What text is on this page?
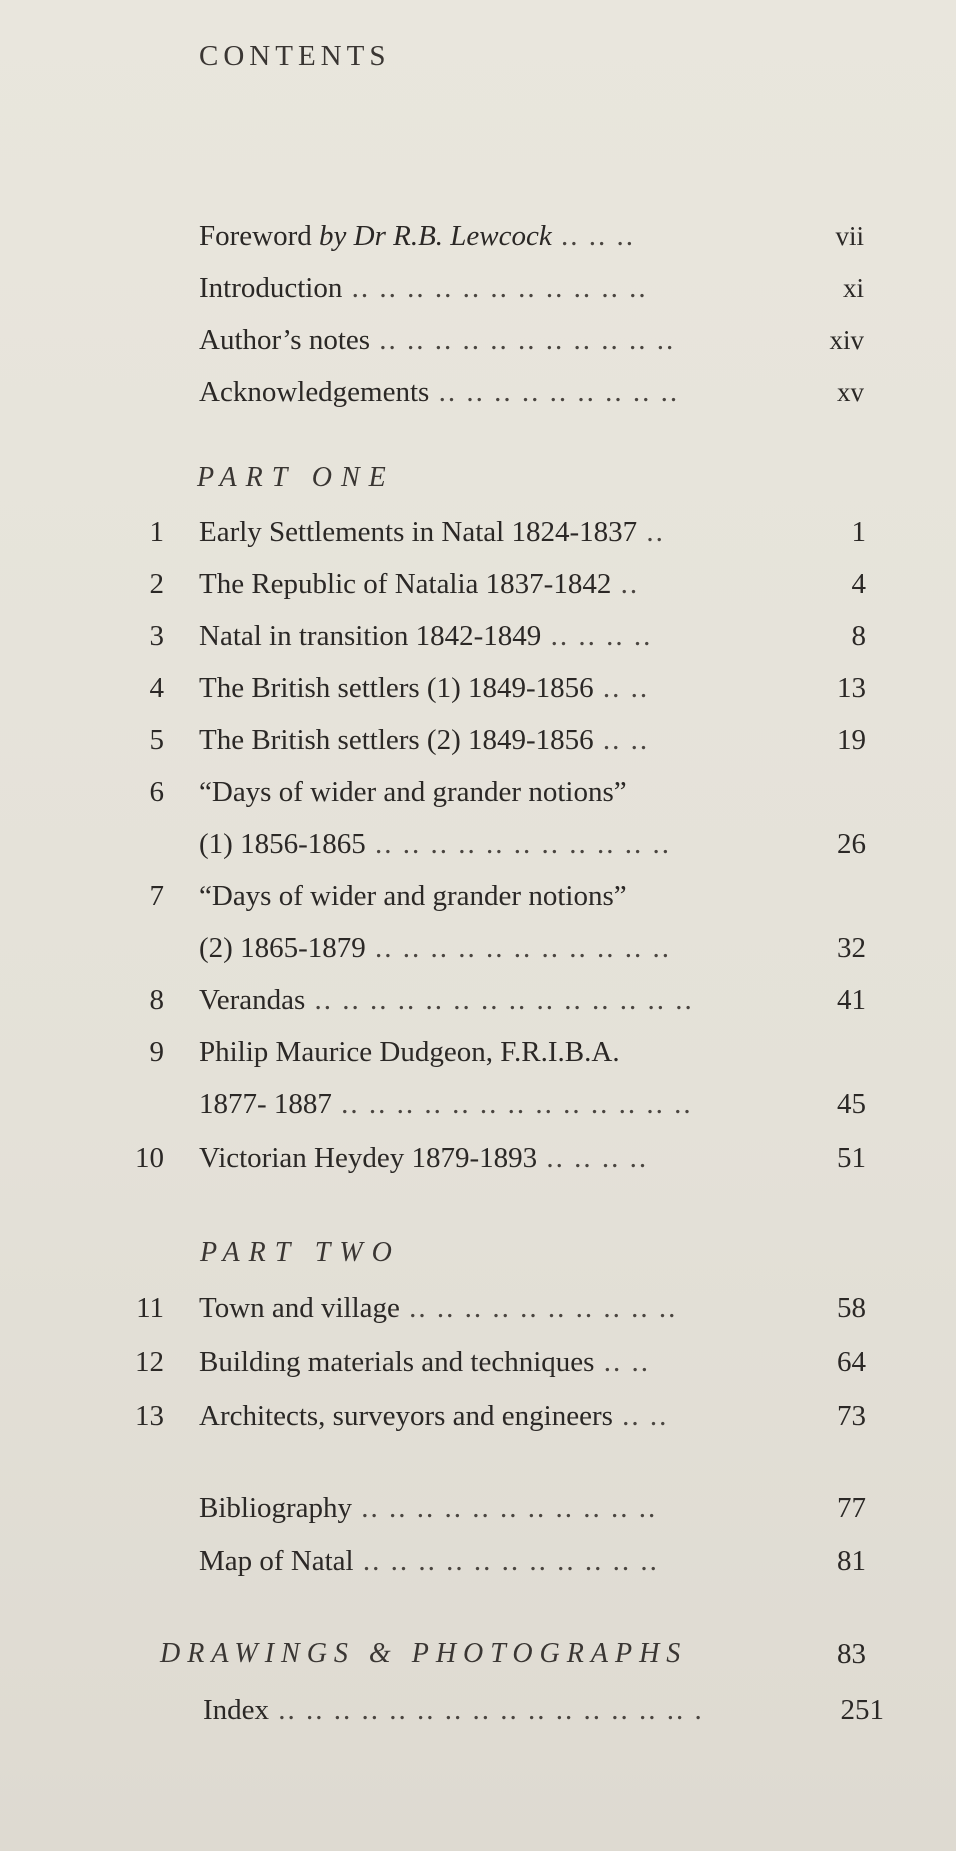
CONTENTS
Foreword by Dr R.B. Lewcock .. .. ..	vii
Introduction .. .. .. .. .. .. .. .. .. .. ..	xi
Author’s notes .. .. .. .. .. .. .. .. .. .. ..	xiv
Acknowledgements .. .. .. .. .. .. .. .. ..	xv
PART ONE
1 Early Settlements in Natal 1824-1837 ..	1
2 The Republic of Natalia 1837-1842 ..	4
3 Natal in transition 1842-1849 .. .. .. ..	8
4 The British settlers (1) 1849-1856 .. ..	13
5 The British settlers (2) 1849-1856 .. ..	19
6 “Days of wider and grander notions”
(1) 1856-1865 .. .. .. .. .. .. .. .. .. .. ..	26
7 “Days of wider and grander notions”
(2) 1865-1879 .. .. .. .. .. .. .. .. .. .. ..	32
8 Verandas .. .. .. .. .. .. .. .. .. .. .. .. .. ..	41
9 Philip Maurice Dudgeon, F.R.I.B.A.
1877- 1887 .. .. .. .. .. .. .. .. .. .. .. .. ..	45
10 Victorian Heydey 1879-1893 .. .. .. ..	51
PART TWO
11 Town and village .. .. .. .. .. .. .. .. .. ..	58
12 Building materials and techniques .. ..	64
13 Architects, surveyors and engineers .. ..	73
Bibliography .. .. .. .. .. .. .. .. .. .. ..	77
Map of Natal .. .. .. .. .. .. .. .. .. .. ..	81
DRAWINGS & PHOTOGRAPHS	83
Index .. .. .. .. .. .. .. .. .. .. .. .. .. .. .. .	251
